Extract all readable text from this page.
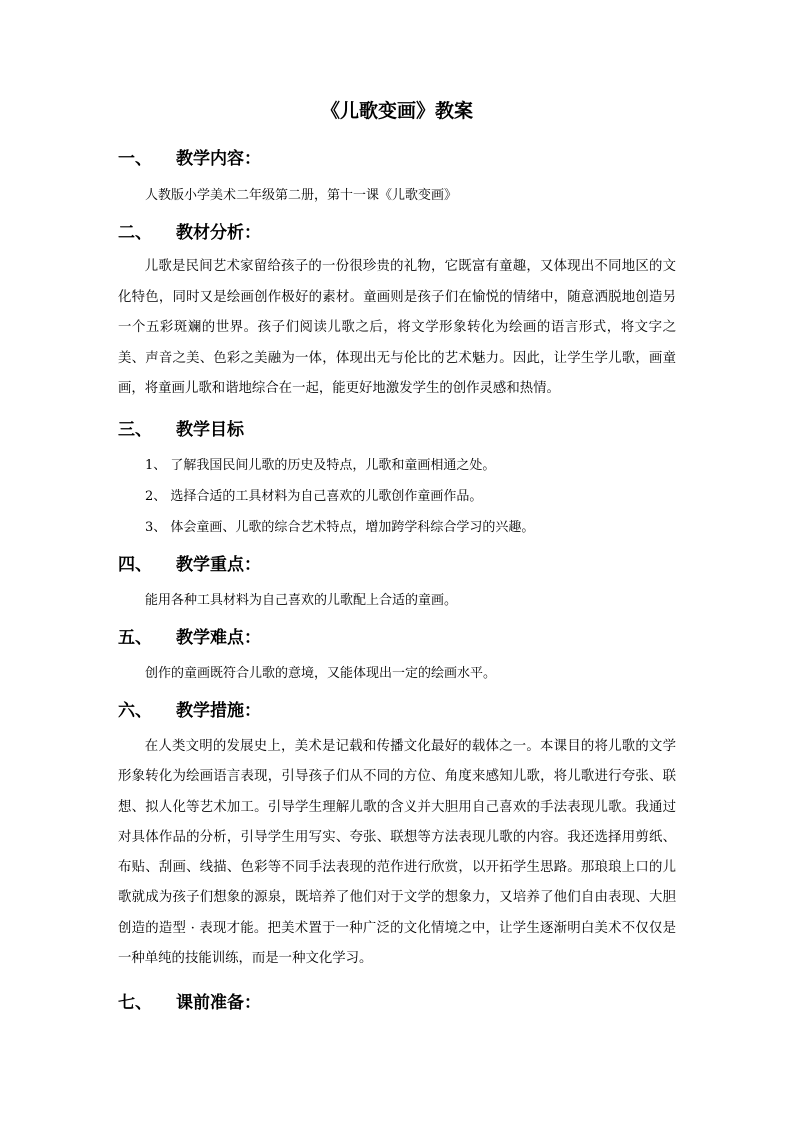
《儿歌变画》教案
一、 教学内容：
人教版小学美术二年级第二册，第十一课《儿歌变画》
二、 教材分析：

儿歌是民间艺术家留给孩子的一份很珍贵的礼物，它既富有童趣，又体现出不同地区的文化特色，同时又是绘画创作极好的素材。童画则是孩子们在愉悦的情绪中，随意洒脱地创造另一个五彩斑斓的世界。孩子们阅读儿歌之后，将文学形象转化为绘画的语言形式，将文字之美、声音之美、色彩之美融为一体，体现出无与伦比的艺术魅力。因此，让学生学儿歌，画童画，将童画儿歌和谐地综合在一起，能更好地激发学生的创作灵感和热情。

三、 教学目标
1、 了解我国民间儿歌的历史及特点，儿歌和童画相通之处。
2、 选择合适的工具材料为自己喜欢的儿歌创作童画作品。
3、 体会童画、儿歌的综合艺术特点，增加跨学科综合学习的兴趣。
四、 教学重点：
能用各种工具材料为自己喜欢的儿歌配上合适的童画。
五、 教学难点：
创作的童画既符合儿歌的意境，又能体现出一定的绘画水平。
六、 教学措施：

在人类文明的发展史上，美术是记载和传播文化最好的载体之一。本课目的将儿歌的文学形象转化为绘画语言表现，引导孩子们从不同的方位、角度来感知儿歌，将儿歌进行夸张、联想、拟人化等艺术加工。引导学生理解儿歌的含义并大胆用自己喜欢的手法表现儿歌。我通过对具体作品的分析，引导学生用写实、夸张、联想等方法表现儿歌的内容。我还选择用剪纸、布贴、刮画、线描、色彩等不同手法表现的范作进行欣赏，以开拓学生思路。那琅琅上口的儿歌就成为孩子们想象的源泉，既培养了他们对于文学的想象力，又培养了他们自由表现、大胆创造的造型 · 表现才能。把美术置于一种广泛的文化情境之中，让学生逐渐明白美术不仅仅是一种单纯的技能训练，而是一种文化学习。

七、 课前准备：
